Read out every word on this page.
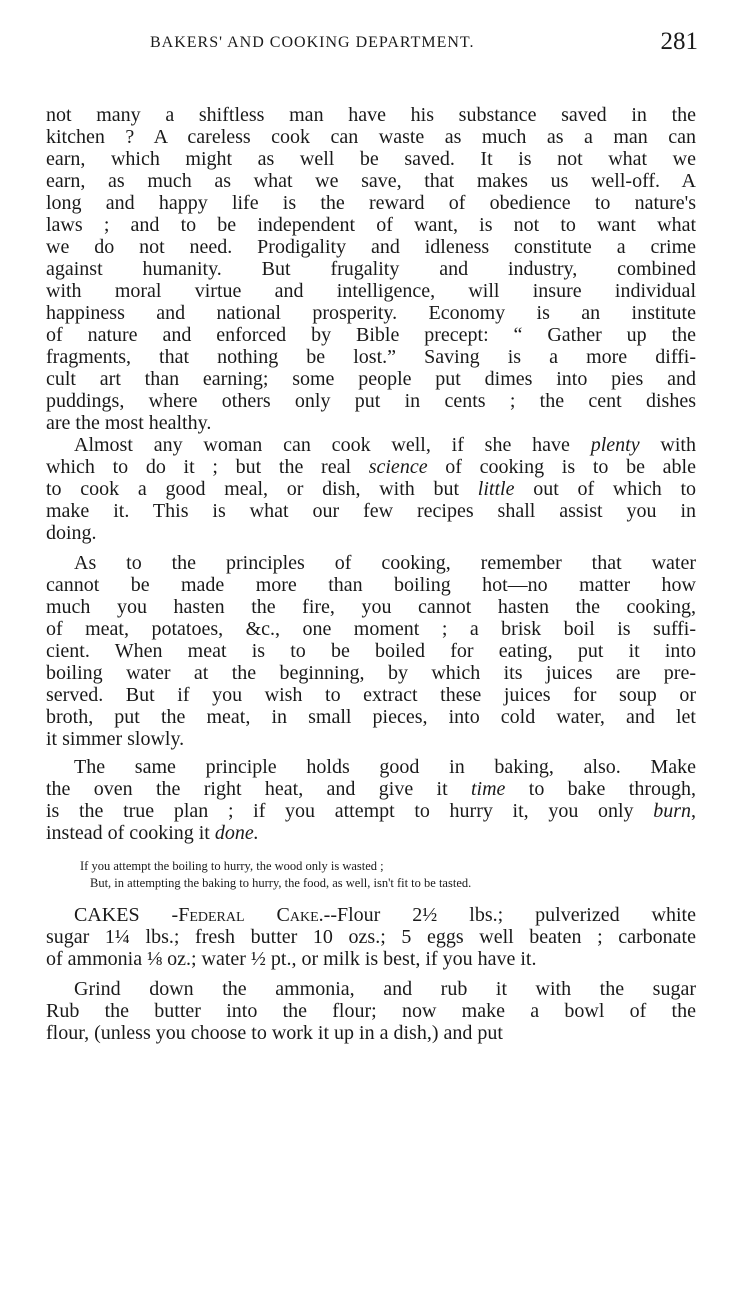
BAKERS' AND COOKING DEPARTMENT.	281
not many a shiftless man have his substance saved in the
kitchen ? A careless cook can waste as much as a man can
earn, which might as well be saved. It is not what we
earn, as much as what we save, that makes us well-off. A
long and happy life is the reward of obedience to nature's
laws ; and to be independent of want, is not to want what
we do not need. Prodigality and idleness constitute a crime
against humanity. But frugality and industry, combined
with moral virtue and intelligence, will insure individual
happiness and national prosperity. Economy is an institute
of nature and enforced by Bible precept: “ Gather up the
fragments, that nothing be lost.” Saving is a more diffi-
cult art than earning; some people put dimes into pies and
puddings, where others only put in cents ; the cent dishes
are the most healthy.
Almost any woman can cook well, if she have plenty with
which to do it ; but the real science of cooking is to be able
to cook a good meal, or dish, with but little out of which to
make it. This is what our few recipes shall assist you in
doing.
As to the principles of cooking, remember that water
cannot be made more than boiling hot—no matter how
much you hasten the fire, you cannot hasten the cooking,
of meat, potatoes, &c., one moment ; a brisk boil is suffi-
cient. When meat is to be boiled for eating, put it into
boiling water at the beginning, by which its juices are pre-
served. But if you wish to extract these juices for soup or
broth, put the meat, in small pieces, into cold water, and let
it simmer slowly.
The same principle holds good in baking, also. Make
the oven the right heat, and give it time to bake through,
is the true plan ; if you attempt to hurry it, you only burn,
instead of cooking it done.
If you attempt the boiling to hurry, the wood only is wasted ;
But, in attempting the baking to hurry, the food, as well, isn't fit to be tasted.
CAKES -Federal Cake.--Flour 2½ lbs.; pulverized white
sugar 1¼ lbs.; fresh butter 10 ozs.; 5 eggs well beaten ; carbonate
of ammonia ⅛ oz.; water ½ pt., or milk is best, if you have it.
Grind down the ammonia, and rub it with the sugar
Rub the butter into the flour; now make a bowl of the
flour, (unless you choose to work it up in a dish,) and put
